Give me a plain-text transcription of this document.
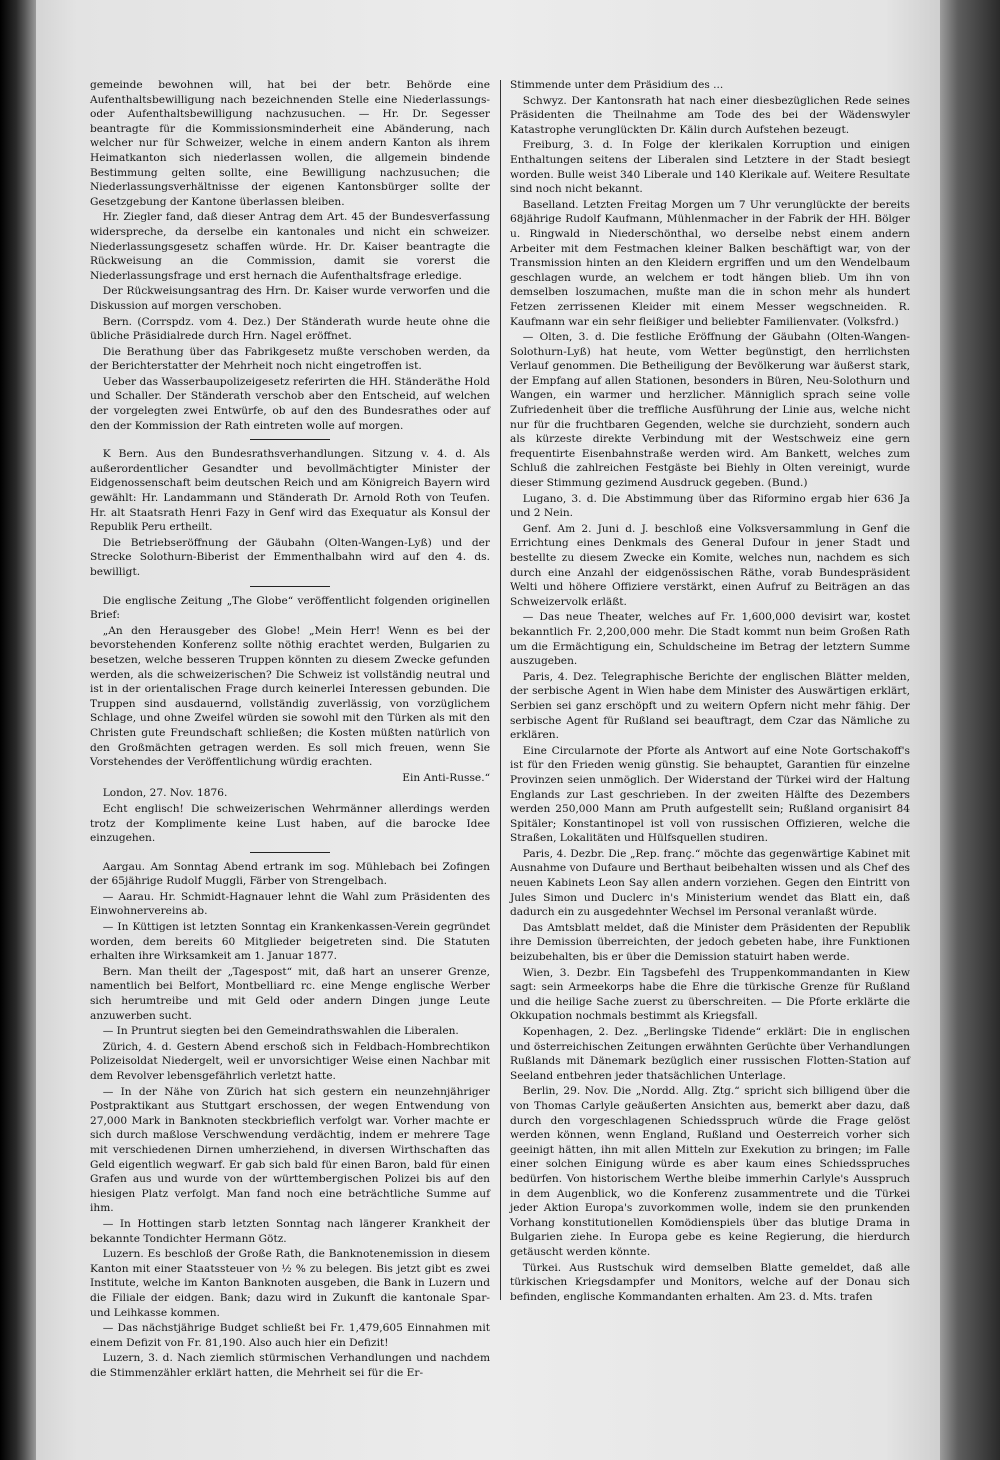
gemeinde bewohnen will, hat bei der betr. Behörde eine Aufenthaltsbewilligung nach bezeichnenden Stelle eine Niederlassungs- oder Aufenthaltsbewilligung nachzusuchen. — Hr. Dr. Segesser beantragte für die Kommissionsminderheit eine Abänderung, nach welcher nur für Schweizer, welche in einem andern Kanton als ihrem Heimatkanton sich niederlassen wollen, die allgemein bindende Bestimmung gelten sollte, eine Bewilligung nachzusuchen; die Niederlassungsverhältnisse der eigenen Kantonsbürger sollte der Gesetzgebung der Kantone überlassen bleiben.

Hr. Ziegler fand, daß dieser Antrag dem Art. 45 der Bundesverfassung widerspreche, da derselbe ein kantonales und nicht ein schweizer. Niederlassungsgesetz schaffen würde. Hr. Dr. Kaiser beantragte die Rückweisung an die Commission, damit sie vorerst die Niederlassungsfrage und erst hernach die Aufenthaltsfrage erledige.

Der Rückweisungsantrag des Hrn. Dr. Kaiser wurde verworfen und die Diskussion auf morgen verschoben.

Bern. (Corrspdz. vom 4. Dez.) Der Ständerath wurde heute ohne die übliche Präsidialrede durch Hrn. Nagel eröffnet.

Die Berathung über das Fabrikgesetz mußte verschoben werden, da der Berichterstatter der Mehrheit noch nicht eingetroffen ist.

Ueber das Wasserbaupolizeigesetz referirten die HH. Ständeräthe Hold und Schaller. Der Ständerath verschob aber den Entscheid, auf welchen der vorgelegten zwei Entwürfe, ob auf den des Bundesrathes oder auf den der Kommission der Rath eintreten wolle auf morgen.

K Bern. Aus den Bundesrathsverhandlungen. Sitzung v. 4. d. Als außerordentlicher Gesandter und bevollmächtigter Minister der Eidgenossenschaft beim deutschen Reich und am Königreich Bayern wird gewählt: Hr. Landammann und Ständerath Dr. Arnold Roth von Teufen. Hr. alt Staatsrath Henri Fazy in Genf wird das Exequatur als Konsul der Republik Peru ertheilt.

Die Betriebseröffnung der Gäubahn (Olten-Wangen-Lyß) und der Strecke Solothurn-Biberist der Emmenthalbahn wird auf den 4. ds. bewilligt.

Die englische Zeitung „The Globe“ veröffentlicht folgenden originellen Brief:

„An den Herausgeber des Globe! „Mein Herr! Wenn es bei der bevorstehenden Konferenz sollte nöthig erachtet werden, Bulgarien zu besetzen, welche besseren Truppen könnten zu diesem Zwecke gefunden werden, als die schweizerischen? Die Schweiz ist vollständig neutral und ist in der orientalischen Frage durch keinerlei Interessen gebunden. Die Truppen sind ausdauernd, vollständig zuverlässig, von vorzüglichem Schlage, und ohne Zweifel würden sie sowohl mit den Türken als mit den Christen gute Freundschaft schließen; die Kosten müßten natürlich von den Großmächten getragen werden. Es soll mich freuen, wenn Sie Vorstehendes der Veröffentlichung würdig erachten.

Ein Anti-Russe.“

London, 27. Nov. 1876.

Echt englisch! Die schweizerischen Wehrmänner allerdings werden trotz der Komplimente keine Lust haben, auf die barocke Idee einzugehen.

Aargau. Am Sonntag Abend ertrank im sog. Mühlebach bei Zofingen der 65jährige Rudolf Muggli, Färber von Strengelbach.

— Aarau. Hr. Schmidt-Hagnauer lehnt die Wahl zum Präsidenten des Einwohnervereins ab.

— In Küttigen ist letzten Sonntag ein Krankenkassen-Verein gegründet worden, dem bereits 60 Mitglieder beigetreten sind. Die Statuten erhalten ihre Wirksamkeit am 1. Januar 1877.

Bern. Man theilt der „Tagespost“ mit, daß hart an unserer Grenze, namentlich bei Belfort, Montbelliard rc. eine Menge englische Werber sich herumtreibe und mit Geld oder andern Dingen junge Leute anzuwerben sucht.

— In Pruntrut siegten bei den Gemeindrathswahlen die Liberalen.

Zürich, 4. d. Gestern Abend erschoß sich in Feldbach-Hombrechtikon Polizeisoldat Niedergelt, weil er unvorsichtiger Weise einen Nachbar mit dem Revolver lebensgefährlich verletzt hatte.

— In der Nähe von Zürich hat sich gestern ein neunzehnjähriger Postpraktikant aus Stuttgart erschossen, der wegen Entwendung von 27,000 Mark in Banknoten steckbrieflich verfolgt war. Vorher machte er sich durch maßlose Verschwendung verdächtig, indem er mehrere Tage mit verschiedenen Dirnen umherziehend, in diversen Wirthschaften das Geld eigentlich wegwarf. Er gab sich bald für einen Baron, bald für einen Grafen aus und wurde von der württembergischen Polizei bis auf den hiesigen Platz verfolgt. Man fand noch eine beträchtliche Summe auf ihm.

— In Hottingen starb letzten Sonntag nach längerer Krankheit der bekannte Tondichter Hermann Götz.

Luzern. Es beschloß der Große Rath, die Banknotenemission in diesem Kanton mit einer Staatssteuer von ½ % zu belegen. Bis jetzt gibt es zwei Institute, welche im Kanton Banknoten ausgeben, die Bank in Luzern und die Filiale der eidgen. Bank; dazu wird in Zukunft die kantonale Spar- und Leihkasse kommen.

— Das nächstjährige Budget schließt bei Fr. 1,479,605 Einnahmen mit einem Defizit von Fr. 81,190. Also auch hier ein Defizit!

Luzern, 3. d. Nach ziemlich stürmischen Verhandlungen und nachdem die Stimmenzähler erklärt hatten, die Mehrheit sei für die Er-

Stimmende unter dem Präsidium des ...

Schwyz. Der Kantonsrath hat nach einer diesbezüglichen Rede seines Präsidenten die Theilnahme am Tode des bei der Wädenswyler Katastrophe verunglückten Dr. Kälin durch Aufstehen bezeugt.

Freiburg, 3. d. In Folge der klerikalen Korruption und einigen Enthaltungen seitens der Liberalen sind Letztere in der Stadt besiegt worden. Bulle weist 340 Liberale und 140 Klerikale auf. Weitere Resultate sind noch nicht bekannt.

Baselland. Letzten Freitag Morgen um 7 Uhr verunglückte der bereits 68jährige Rudolf Kaufmann, Mühlenmacher in der Fabrik der HH. Bölger u. Ringwald in Niederschönthal, wo derselbe nebst einem andern Arbeiter mit dem Festmachen kleiner Balken beschäftigt war, von der Transmission hinten an den Kleidern ergriffen und um den Wendelbaum geschlagen wurde, an welchem er todt hängen blieb. Um ihn von demselben loszumachen, mußte man die in schon mehr als hundert Fetzen zerrissenen Kleider mit einem Messer wegschneiden. R. Kaufmann war ein sehr fleißiger und beliebter Familienvater. (Volksfrd.)

— Olten, 3. d. Die festliche Eröffnung der Gäubahn (Olten-Wangen-Solothurn-Lyß) hat heute, vom Wetter begünstigt, den herrlichsten Verlauf genommen. Die Betheiligung der Bevölkerung war äußerst stark, der Empfang auf allen Stationen, besonders in Büren, Neu-Solothurn und Wangen, ein warmer und herzlicher. Männiglich sprach seine volle Zufriedenheit über die treffliche Ausführung der Linie aus, welche nicht nur für die fruchtbaren Gegenden, welche sie durchzieht, sondern auch als kürzeste direkte Verbindung mit der Westschweiz eine gern frequentirte Eisenbahnstraße werden wird. Am Bankett, welches zum Schluß die zahlreichen Festgäste bei Biehly in Olten vereinigt, wurde dieser Stimmung gezimend Ausdruck gegeben. (Bund.)

Lugano, 3. d. Die Abstimmung über das Riformino ergab hier 636 Ja und 2 Nein.

Genf. Am 2. Juni d. J. beschloß eine Volksversammlung in Genf die Errichtung eines Denkmals des General Dufour in jener Stadt und bestellte zu diesem Zwecke ein Komite, welches nun, nachdem es sich durch eine Anzahl der eidgenössischen Räthe, vorab Bundespräsident Welti und höhere Offiziere verstärkt, einen Aufruf zu Beiträgen an das Schweizervolk erläßt.

— Das neue Theater, welches auf Fr. 1,600,000 devisirt war, kostet bekanntlich Fr. 2,200,000 mehr. Die Stadt kommt nun beim Großen Rath um die Ermächtigung ein, Schuldscheine im Betrag der letztern Summe auszugeben.

Paris, 4. Dez. Telegraphische Berichte der englischen Blätter melden, der serbische Agent in Wien habe dem Minister des Auswärtigen erklärt, Serbien sei ganz erschöpft und zu weitern Opfern nicht mehr fähig. Der serbische Agent für Rußland sei beauftragt, dem Czar das Nämliche zu erklären.

Eine Circularnote der Pforte als Antwort auf eine Note Gortschakoff's ist für den Frieden wenig günstig. Sie behauptet, Garantien für einzelne Provinzen seien unmöglich. Der Widerstand der Türkei wird der Haltung Englands zur Last geschrieben. In der zweiten Hälfte des Dezembers werden 250,000 Mann am Pruth aufgestellt sein; Rußland organisirt 84 Spitäler; Konstantinopel ist voll von russischen Offizieren, welche die Straßen, Lokalitäten und Hülfsquellen studiren.

Paris, 4. Dezbr. Die „Rep. franç.“ möchte das gegenwärtige Kabinet mit Ausnahme von Dufaure und Berthaut beibehalten wissen und als Chef des neuen Kabinets Leon Say allen andern vorziehen. Gegen den Eintritt von Jules Simon und Duclerc in's Ministerium wendet das Blatt ein, daß dadurch ein zu ausgedehnter Wechsel im Personal veranlaßt würde.

Das Amtsblatt meldet, daß die Minister dem Präsidenten der Republik ihre Demission überreichten, der jedoch gebeten habe, ihre Funktionen beizubehalten, bis er über die Demission statuirt haben werde.

Wien, 3. Dezbr. Ein Tagsbefehl des Truppenkommandanten in Kiew sagt: sein Armeekorps habe die Ehre die türkische Grenze für Rußland und die heilige Sache zuerst zu überschreiten. — Die Pforte erklärte die Okkupation nochmals bestimmt als Kriegsfall.

Kopenhagen, 2. Dez. „Berlingske Tidende“ erklärt: Die in englischen und österreichischen Zeitungen erwähnten Gerüchte über Verhandlungen Rußlands mit Dänemark bezüglich einer russischen Flotten-Station auf Seeland entbehren jeder thatsächlichen Unterlage.

Berlin, 29. Nov. Die „Nordd. Allg. Ztg.“ spricht sich billigend über die von Thomas Carlyle geäußerten Ansichten aus, bemerkt aber dazu, daß durch den vorgeschlagenen Schiedsspruch würde die Frage gelöst werden können, wenn England, Rußland und Oesterreich vorher sich geeinigt hätten, ihn mit allen Mitteln zur Exekution zu bringen; im Falle einer solchen Einigung würde es aber kaum eines Schiedsspruches bedürfen. Von historischem Werthe bleibe immerhin Carlyle's Ausspruch in dem Augenblick, wo die Konferenz zusammentrete und die Türkei jeder Aktion Europa's zuvorkommen wolle, indem sie den prunkenden Vorhang konstitutionellen Komödienspiels über das blutige Drama in Bulgarien ziehe. In Europa gebe es keine Regierung, die hierdurch getäuscht werden könnte.

Türkei. Aus Rustschuk wird demselben Blatte gemeldet, daß alle türkischen Kriegsdampfer und Monitors, welche auf der Donau sich befinden, englische Kommandanten erhalten. Am 23. d. Mts. trafen
